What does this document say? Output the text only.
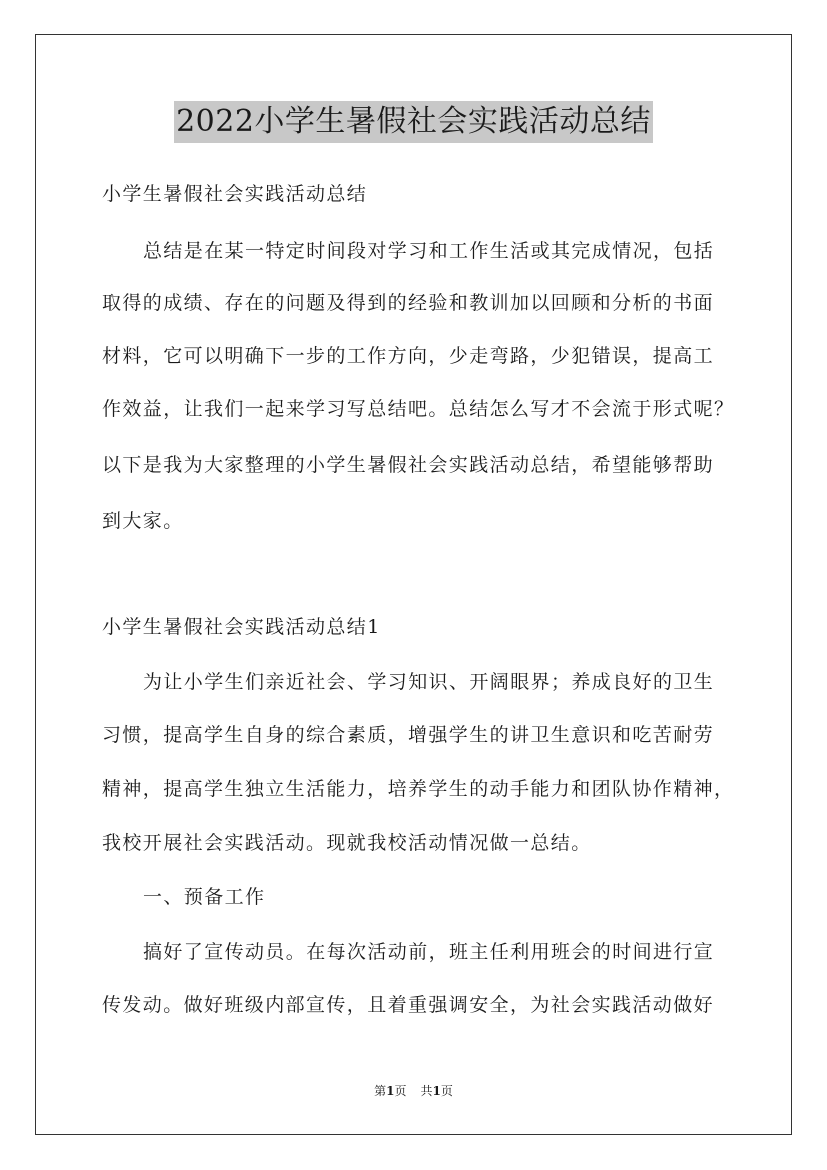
2022小学生暑假社会实践活动总结
小学生暑假社会实践活动总结
总结是在某一特定时间段对学习和工作生活或其完成情况，包括
取得的成绩、存在的问题及得到的经验和教训加以回顾和分析的书面
材料，它可以明确下一步的工作方向，少走弯路，少犯错误，提高工
作效益，让我们一起来学习写总结吧。总结怎么写才不会流于形式呢？
以下是我为大家整理的小学生暑假社会实践活动总结，希望能够帮助
到大家。
小学生暑假社会实践活动总结1
为让小学生们亲近社会、学习知识、开阔眼界；养成良好的卫生
习惯，提高学生自身的综合素质，增强学生的讲卫生意识和吃苦耐劳
精神，提高学生独立生活能力，培养学生的动手能力和团队协作精神，
我校开展社会实践活动。现就我校活动情况做一总结。
一、预备工作
搞好了宣传动员。在每次活动前，班主任利用班会的时间进行宣
传发动。做好班级内部宣传，且着重强调安全，为社会实践活动做好
第1页 共1页
